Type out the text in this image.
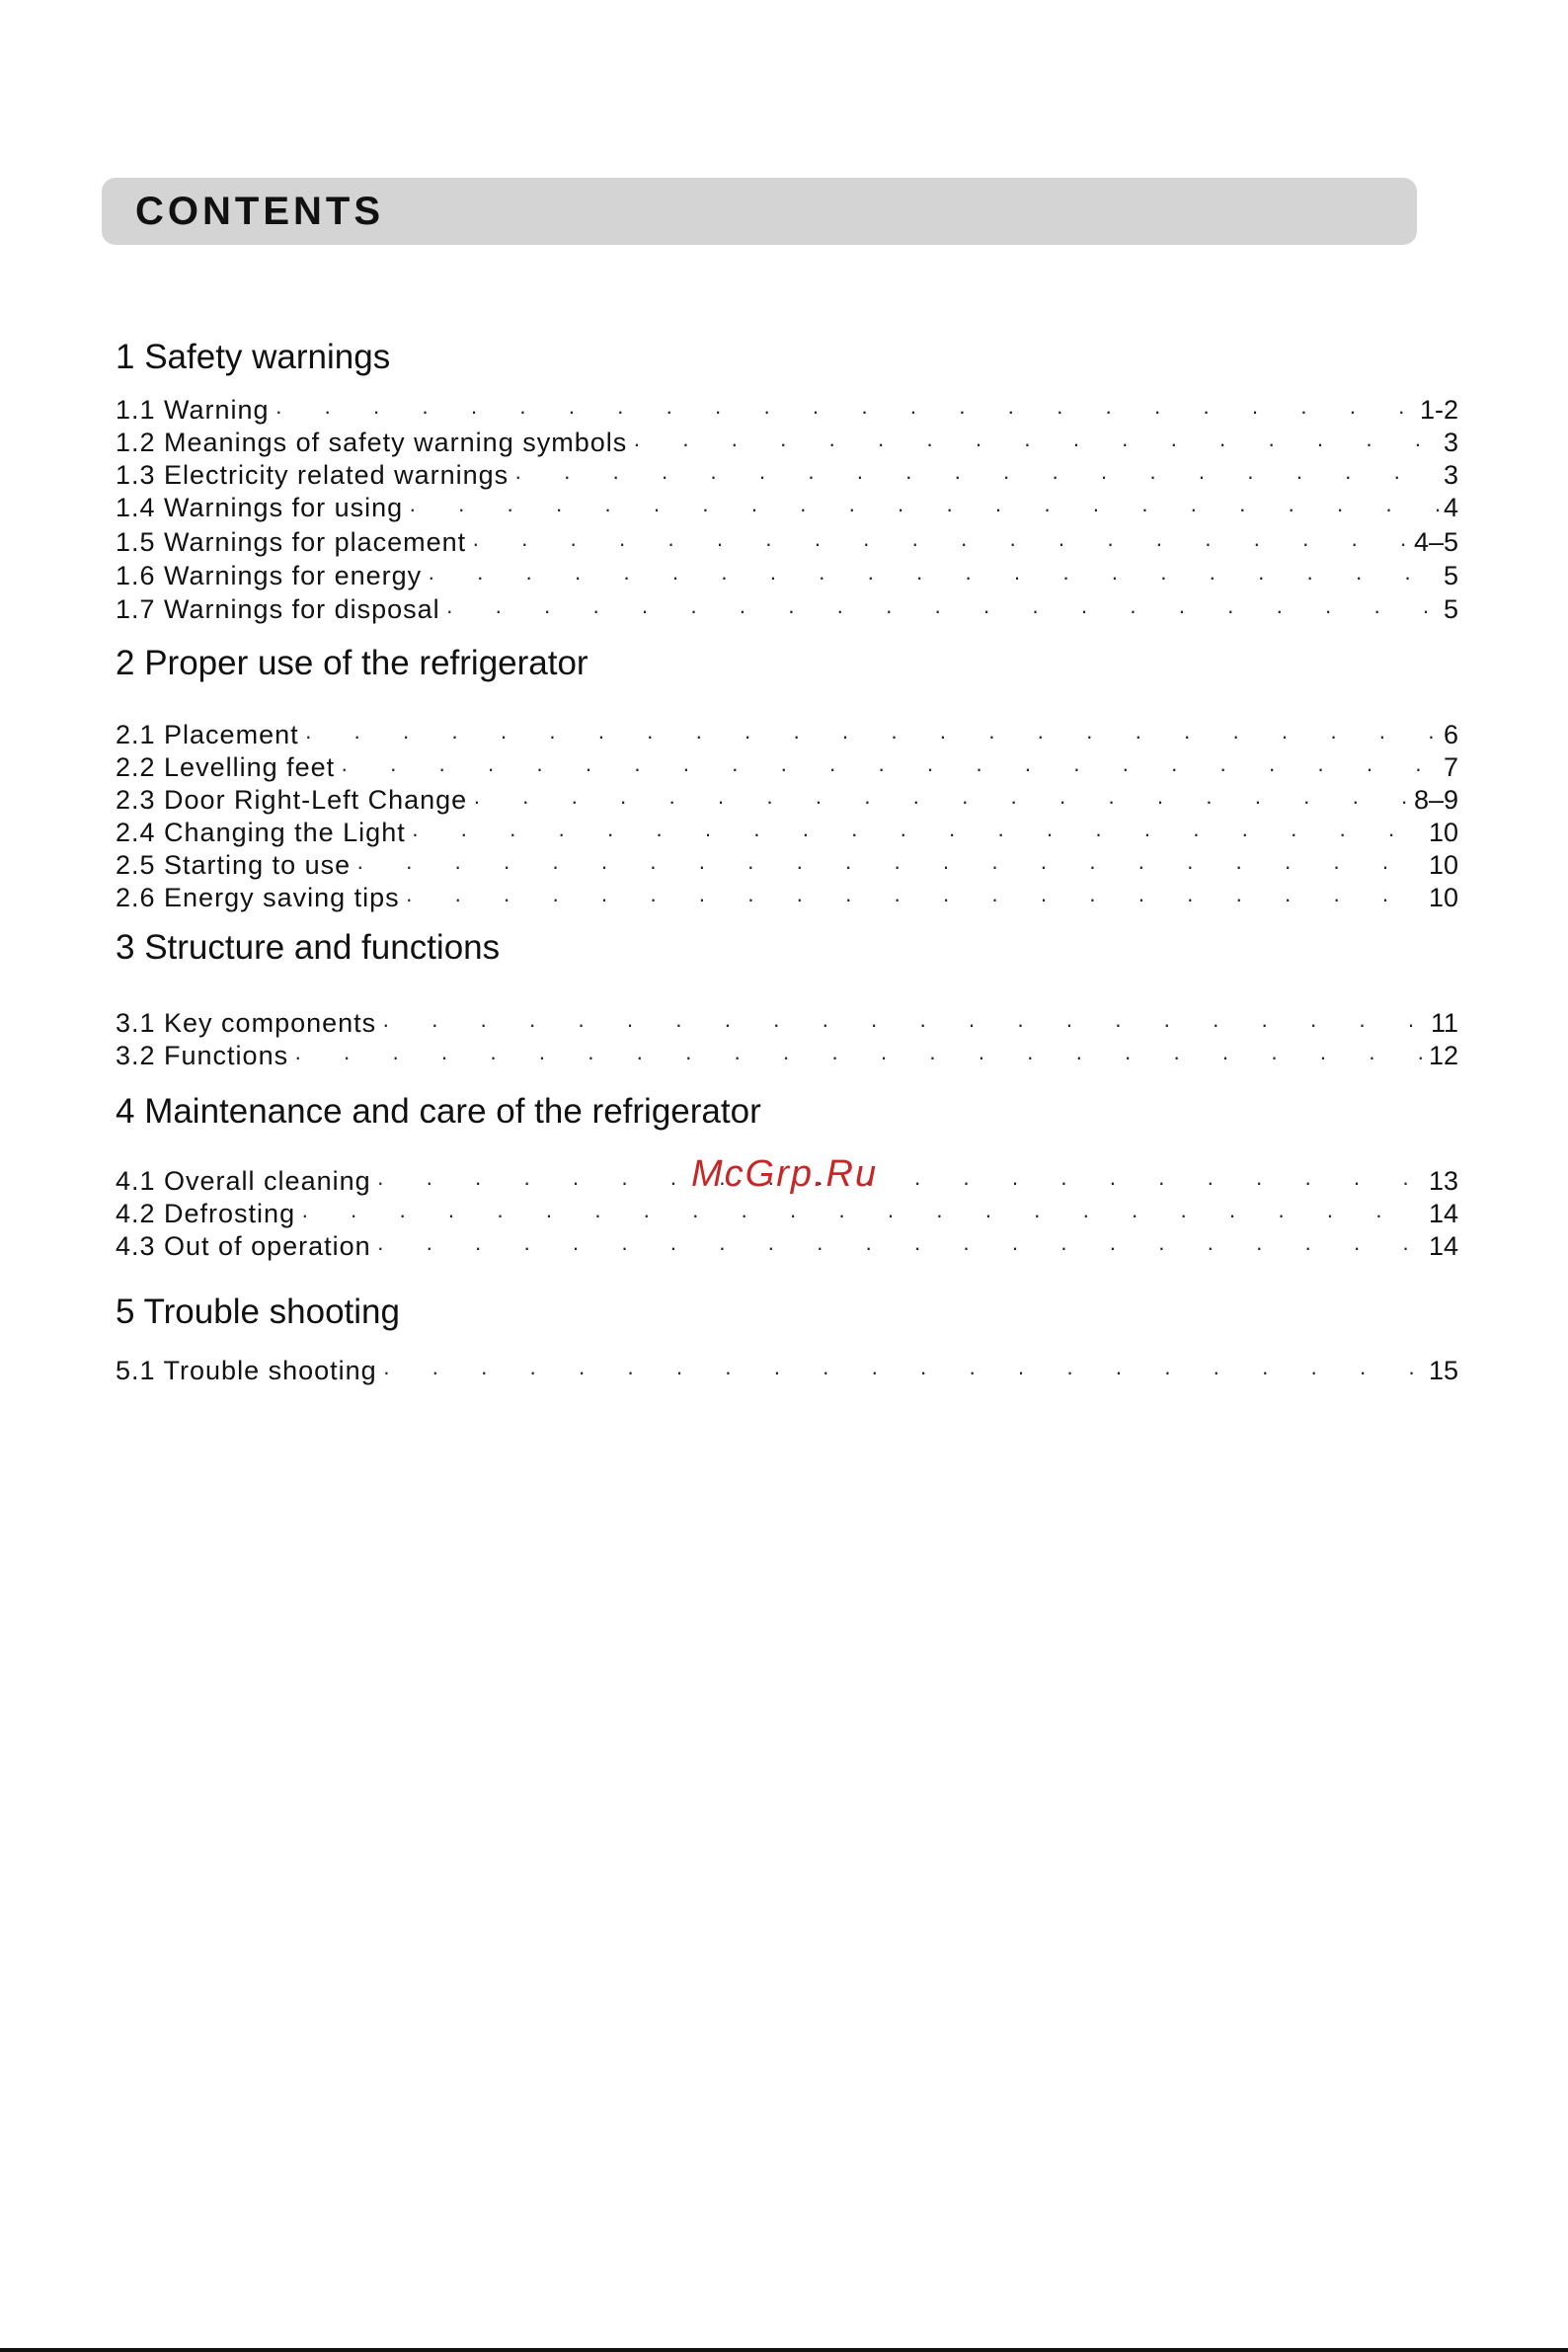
CONTENTS
1 Safety warnings
1.1 Warning · · ·	1-2
1.2 Meanings of safety warning symbols · · ·	3
1.3 Electricity related warnings · · ·	3
1.4 Warnings for using · · ·	4
1.5 Warnings for placement · · ·	4–5
1.6 Warnings for energy · · ·	5
1.7 Warnings for disposal · · ·	5
2 Proper use of the refrigerator
2.1 Placement · · ·	6
2.2 Levelling feet · · ·	7
2.3 Door Right-Left Change · · ·	8–9
2.4 Changing the Light · · ·	10
2.5 Starting to use · · ·	10
2.6 Energy saving tips · · ·	10
3 Structure and functions
3.1 Key components · · ·	11
3.2 Functions · · ·	12
4 Maintenance and care of the refrigerator
4.1 Overall cleaning · · ·	13
4.2 Defrosting · · ·	14
4.3 Out of operation · · ·	14
5 Trouble shooting
5.1 Trouble shooting · · ·	15
McGrp.Ru
